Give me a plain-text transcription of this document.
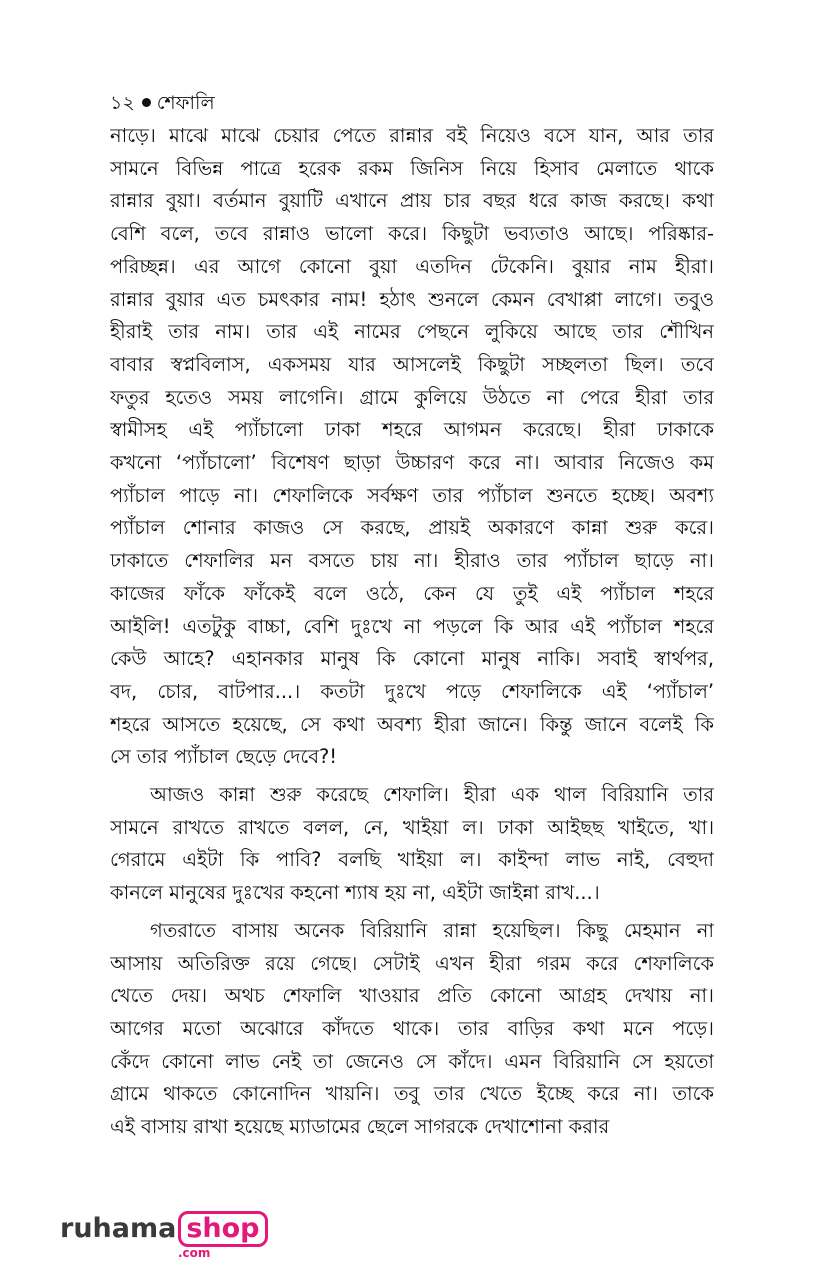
১২ শেফালি

নাড়ে। মাঝে মাঝে চেয়ার পেতে রান্নার বই নিয়েও বসে যান, আর তার
সামনে বিভিন্ন পাত্রে হরেক রকম জিনিস নিয়ে হিসাব মেলাতে থাকে
রান্নার বুয়া। বর্তমান বুয়াটি এখানে প্রায় চার বছর ধরে কাজ করছে। কথা
বেশি বলে, তবে রান্নাও ভালো করে। কিছুটা ভব্যতাও আছে। পরিষ্কার-
পরিচ্ছন্ন। এর আগে কোনো বুয়া এতদিন টেকেনি। বুয়ার নাম হীরা।
রান্নার বুয়ার এত চমৎকার নাম! হঠাৎ শুনলে কেমন বেখাপ্পা লাগে। তবুও
হীরাই তার নাম। তার এই নামের পেছনে লুকিয়ে আছে তার শৌখিন
বাবার স্বপ্নবিলাস, একসময় যার আসলেই কিছুটা সচ্ছলতা ছিল। তবে
ফতুর হতেও সময় লাগেনি। গ্রামে কুলিয়ে উঠতে না পেরে হীরা তার
স্বামীসহ এই প্যাঁচালো ঢাকা শহরে আগমন করেছে। হীরা ঢাকাকে
কখনো ‘প্যাঁচালো’ বিশেষণ ছাড়া উচ্চারণ করে না। আবার নিজেও কম
প্যাঁচাল পাড়ে না। শেফালিকে সর্বক্ষণ তার প্যাঁচাল শুনতে হচ্ছে। অবশ্য
প্যাঁচাল শোনার কাজও সে করছে, প্রায়ই অকারণে কান্না শুরু করে।
ঢাকাতে শেফালির মন বসতে চায় না। হীরাও তার প্যাঁচাল ছাড়ে না।
কাজের ফাঁকে ফাঁকেই বলে ওঠে, কেন যে তুই এই প্যাঁচাল শহরে
আইলি! এতটুকু বাচ্চা, বেশি দুঃখে না পড়লে কি আর এই প্যাঁচাল শহরে
কেউ আহে? এহানকার মানুষ কি কোনো মানুষ নাকি। সবাই স্বার্থপর,
বদ, চোর, বাটপার...। কতটা দুঃখে পড়ে শেফালিকে এই ‘প্যাঁচাল’
শহরে আসতে হয়েছে, সে কথা অবশ্য হীরা জানে। কিন্তু জানে বলেই কি
সে তার প্যাঁচাল ছেড়ে দেবে?!

আজও কান্না শুরু করেছে শেফালি। হীরা এক থাল বিরিয়ানি তার
সামনে রাখতে রাখতে বলল, নে, খাইয়া ল। ঢাকা আইছছ খাইতে, খা।
গেরামে এইটা কি পাবি? বলছি খাইয়া ল। কাইন্দা লাভ নাই, বেহুদা
কানলে মানুষের দুঃখের কহনো শ্যাষ হয় না, এইটা জাইন্না রাখ...।

গতরাতে বাসায় অনেক বিরিয়ানি রান্না হয়েছিল। কিছু মেহমান না
আসায় অতিরিক্ত রয়ে গেছে। সেটাই এখন হীরা গরম করে শেফালিকে
খেতে দেয়। অথচ শেফালি খাওয়ার প্রতি কোনো আগ্রহ দেখায় না।
আগের মতো অঝোরে কাঁদতে থাকে। তার বাড়ির কথা মনে পড়ে।
কেঁদে কোনো লাভ নেই তা জেনেও সে কাঁদে। এমন বিরিয়ানি সে হয়তো
গ্রামে থাকতে কোনোদিন খায়নি। তবু তার খেতে ইচ্ছে করে না। তাকে
এই বাসায় রাখা হয়েছে ম্যাডামের ছেলে সাগরকে দেখাশোনা করার

ruhama shop
.com
